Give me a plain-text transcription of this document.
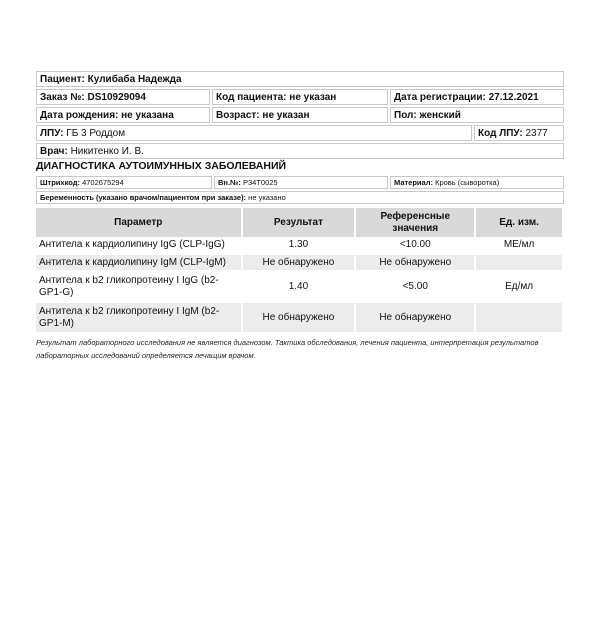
Пациент: Кулибаба Надежда
Заказ №: DS10929094	Код пациента: не указан	Дата регистрации: 27.12.2021
Дата рождения: не указана	Возраст: не указан	Пол: женский
ЛПУ: ГБ 3 Роддом	Код ЛПУ: 2377
Врач: Никитенко И. В.
ДИАГНОСТИКА АУТОИМУННЫХ ЗАБОЛЕВАНИЙ
Штрихкод: 4702675294	Вн.№: P34T0025	Материал: Кровь (сыворотка)
Беременность (указано врачом/пациентом при заказе): не указано
Параметр	Результат	Референсные значения	Ед. изм.
Антитела к кардиолипину IgG (CLP-IgG)	1.30	<10.00	МЕ/мл
Антитела к кардиолипину IgM (CLP-IgM)	Не обнаружено	Не обнаружено	
Антитела к b2 гликопротеину I IgG (b2-GP1-G)	1.40	<5.00	Ед/мл
Антитела к b2 гликопротеину I IgM (b2-GP1-M)	Не обнаружено	Не обнаружено	
Результат лабораторного исследования не является диагнозом. Тактика обследования, лечения пациента, интерпретация результатов лабораторных исследований определяется лечащим врачом.
